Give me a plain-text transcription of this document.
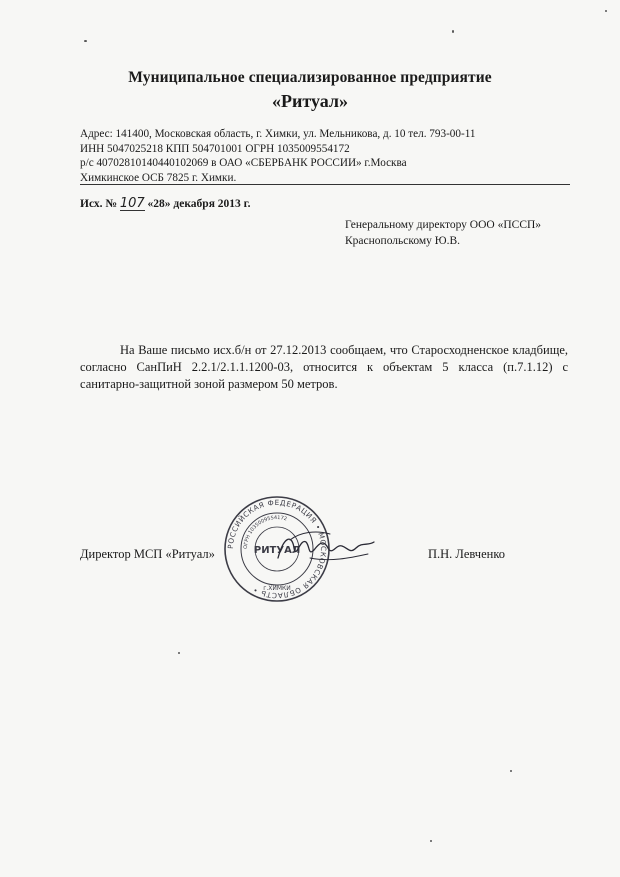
Муниципальное специализированное предприятие
«Ритуал»
Адрес: 141400, Московская область, г. Химки, ул. Мельникова, д. 10 тел. 793-00-11
ИНН 5047025218 КПП 504701001 ОГРН 1035009554172
р/с 40702810140440102069 в ОАО «СБЕРБАНК РОССИИ» г.Москва
Химкинское ОСБ 7825 г. Химки.
Исх. № 107 «28» декабря 2013 г.
Генеральному директору ООО «ПССП»
Краснопольскому Ю.В.
На Ваше письмо исх.б/н от 27.12.2013 сообщаем, что Старосходненское кладбище, согласно СанПиН 2.2.1/2.1.1.1200-03, относится к объектам 5 класса (п.7.1.12) с санитарно-защитной зоной размером 50 метров.
РОССИЙСКАЯ ФЕДЕРАЦИЯ • МОСКОВСКАЯ ОБЛАСТЬ •
ОГРН 1035009554172
РИТУАЛ
г.ХИМКИ
Директор МСП «Ритуал»	П.Н. Левченко
